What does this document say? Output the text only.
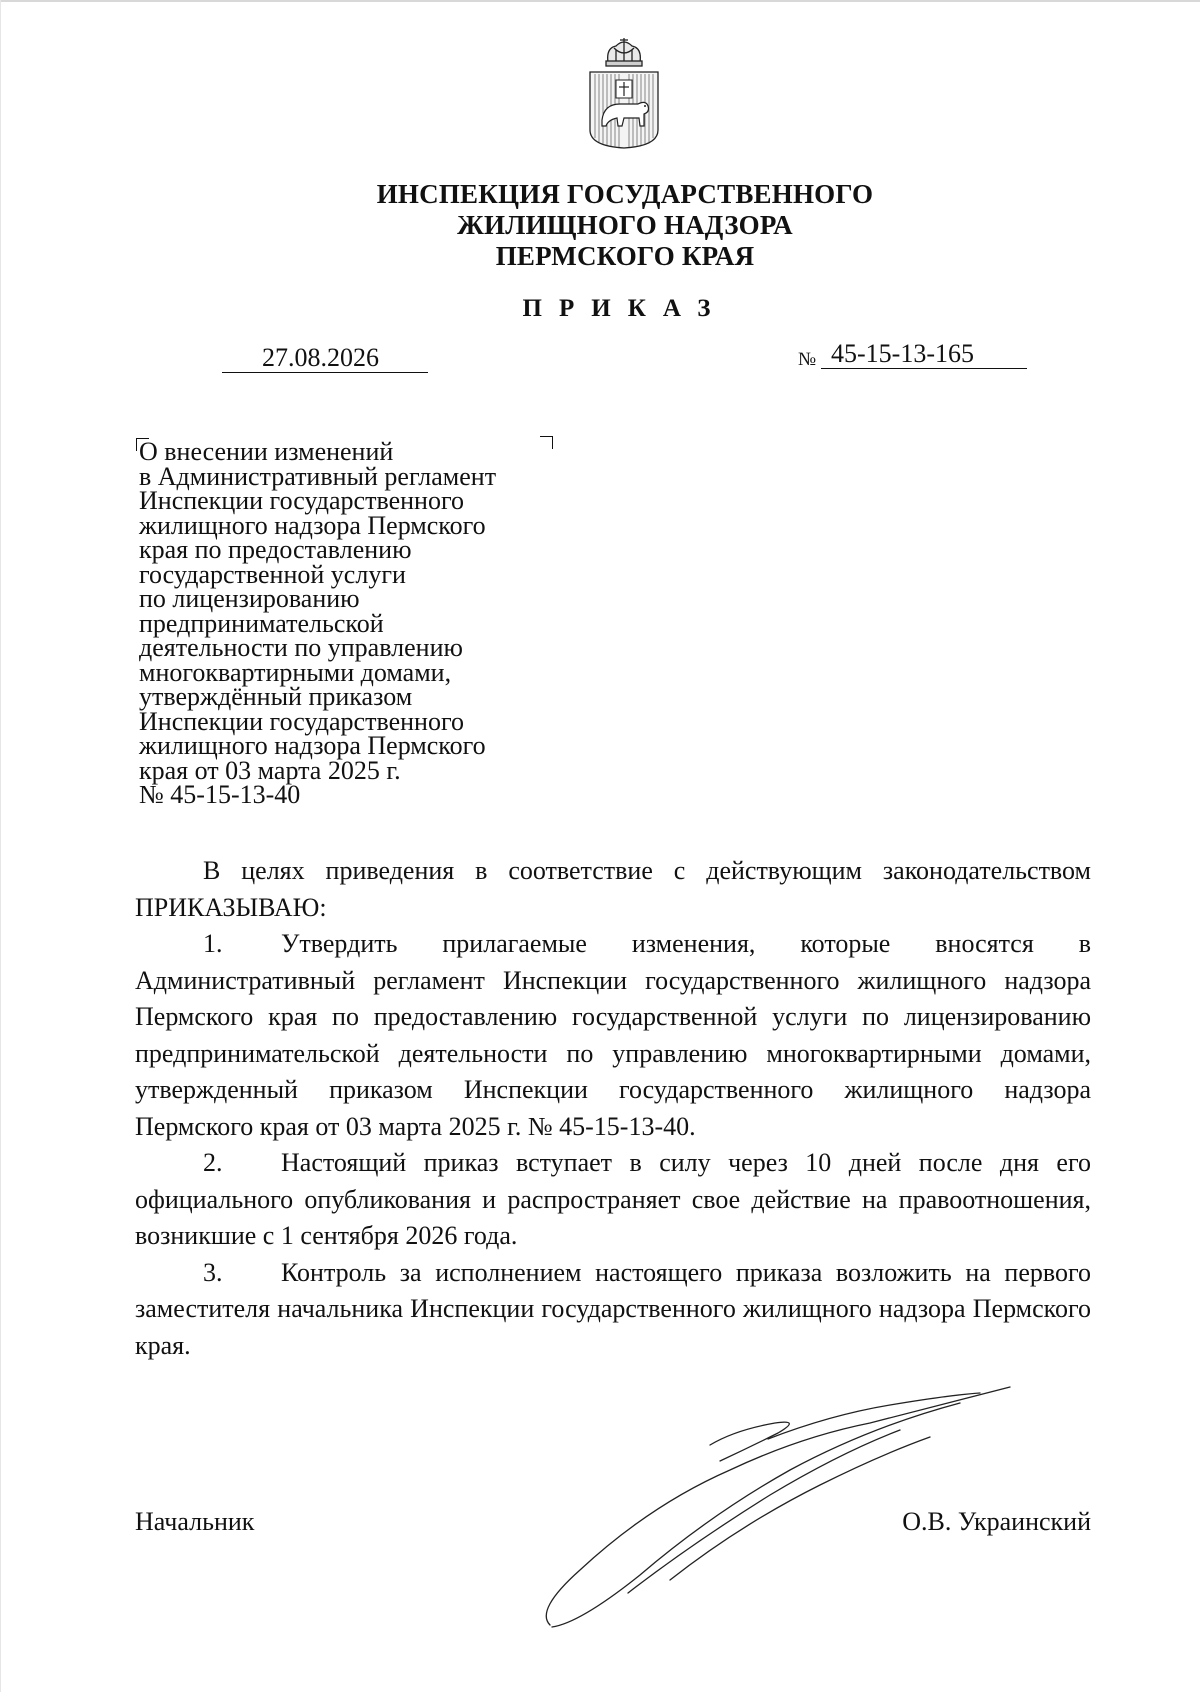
ИНСПЕКЦИЯ ГОСУДАРСТВЕННОГО
ЖИЛИЩНОГО НАДЗОРА
ПЕРМСКОГО КРАЯ
ПРИКАЗ
27.08.2026	№ 45-15-13-165
О внесении изменений
в Административный регламент
Инспекции государственного
жилищного надзора Пермского
края по предоставлению
государственной услуги
по лицензированию
предпринимательской
деятельности по управлению
многоквартирными домами,
утверждённый приказом
Инспекции государственного
жилищного надзора Пермского
края от 03 марта 2025 г.
№ 45-15-13-40
В целях приведения в соответствие с действующим законодательством ПРИКАЗЫВАЮ:
1. Утвердить прилагаемые изменения, которые вносятся в Административный регламент Инспекции государственного жилищного надзора Пермского края по предоставлению государственной услуги по лицензированию предпринимательской деятельности по управлению многоквартирными домами, утвержденный приказом Инспекции государственного жилищного надзора Пермского края от 03 марта 2025 г. № 45-15-13-40.
2. Настоящий приказ вступает в силу через 10 дней после дня его официального опубликования и распространяет свое действие на правоотношения, возникшие с 1 сентября 2026 года.
3. Контроль за исполнением настоящего приказа возложить на первого заместителя начальника Инспекции государственного жилищного надзора Пермского края.
Начальник	О.В. Украинский
